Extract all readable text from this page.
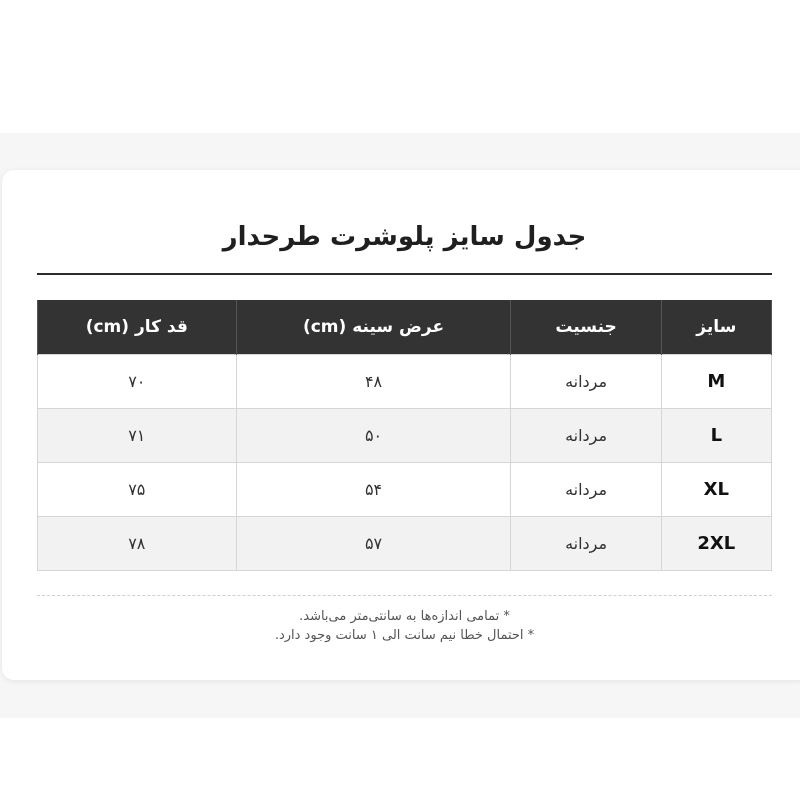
جدول سایز پلوشرت طرحدار
سایز	جنسیت	عرض سینه (cm)	قد کار (cm)
M	مردانه	۴۸	۷۰
L	مردانه	۵۰	۷۱
XL	مردانه	۵۴	۷۵
2XL	مردانه	۵۷	۷۸
* تمامی اندازه‌ها به سانتی‌متر می‌باشد.
* احتمال خطا نیم سانت الی ۱ سانت وجود دارد.
